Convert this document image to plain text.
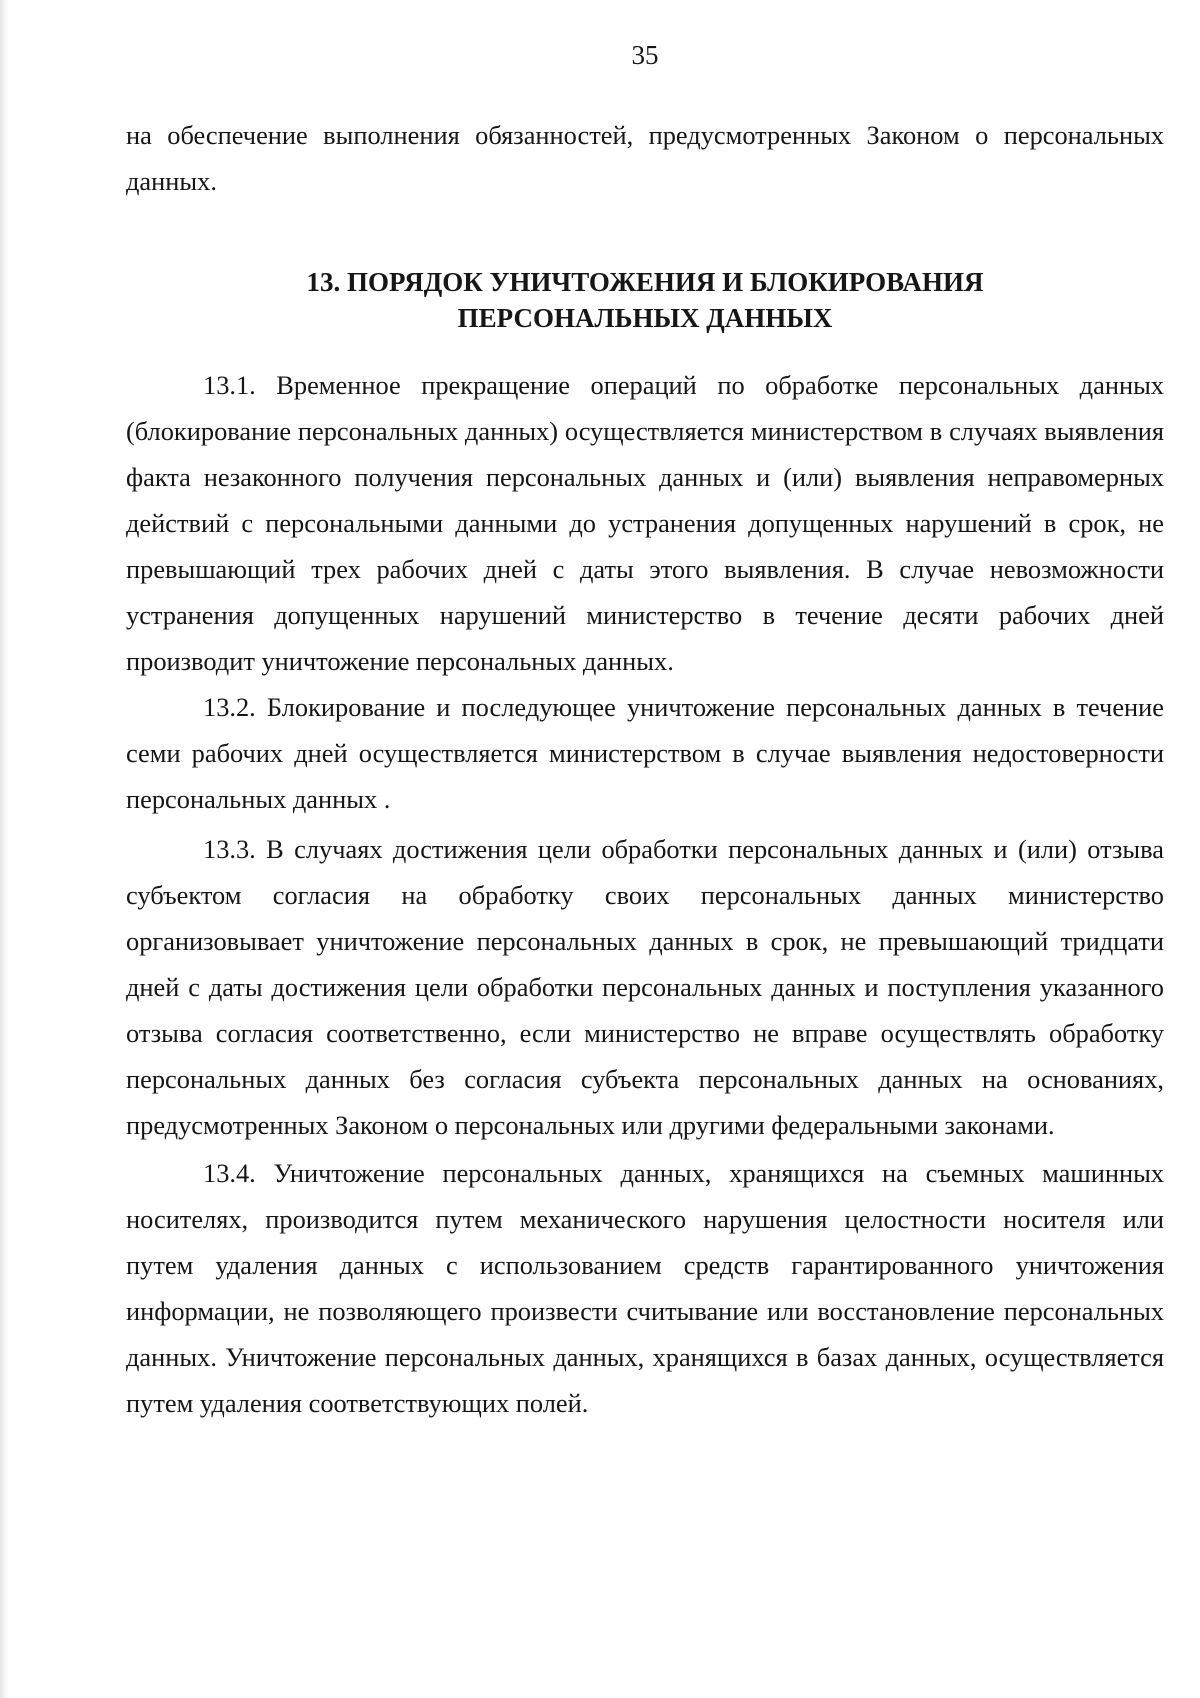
35

на обеспечение выполнения обязанностей, предусмотренных Законом о персональных данных.

13. ПОРЯДОК УНИЧТОЖЕНИЯ И БЛОКИРОВАНИЯ
ПЕРСОНАЛЬНЫХ ДАННЫХ

13.1. Временное прекращение операций по обработке персональных данных (блокирование персональных данных) осуществляется министерством в случаях выявления факта незаконного получения персональных данных и (или) выявления неправомерных действий с персональными данными до устранения допущенных нарушений в срок, не превышающий трех рабочих дней с даты этого выявления. В случае невозможности устранения допущенных нарушений министерство в течение десяти рабочих дней производит уничтожение персональных данных.

13.2. Блокирование и последующее уничтожение персональных данных в течение семи рабочих дней осуществляется министерством в случае выявления недостоверности персональных данных .

13.3. В случаях достижения цели обработки персональных данных и (или) отзыва субъектом согласия на обработку своих персональных данных министерство организовывает уничтожение персональных данных в срок, не превышающий тридцати дней с даты достижения цели обработки персональных данных и поступления указанного отзыва согласия соответственно, если министерство не вправе осуществлять обработку персональных данных без согласия субъекта персональных данных на основаниях, предусмотренных Законом о персональных или другими федеральными законами.

13.4. Уничтожение персональных данных, хранящихся на съемных машинных носителях, производится путем механического нарушения целостности носителя или путем удаления данных с использованием средств гарантированного уничтожения информации, не позволяющего произвести считывание или восстановление персональных данных. Уничтожение персональных данных, хранящихся в базах данных, осуществляется путем удаления соответствующих полей.
